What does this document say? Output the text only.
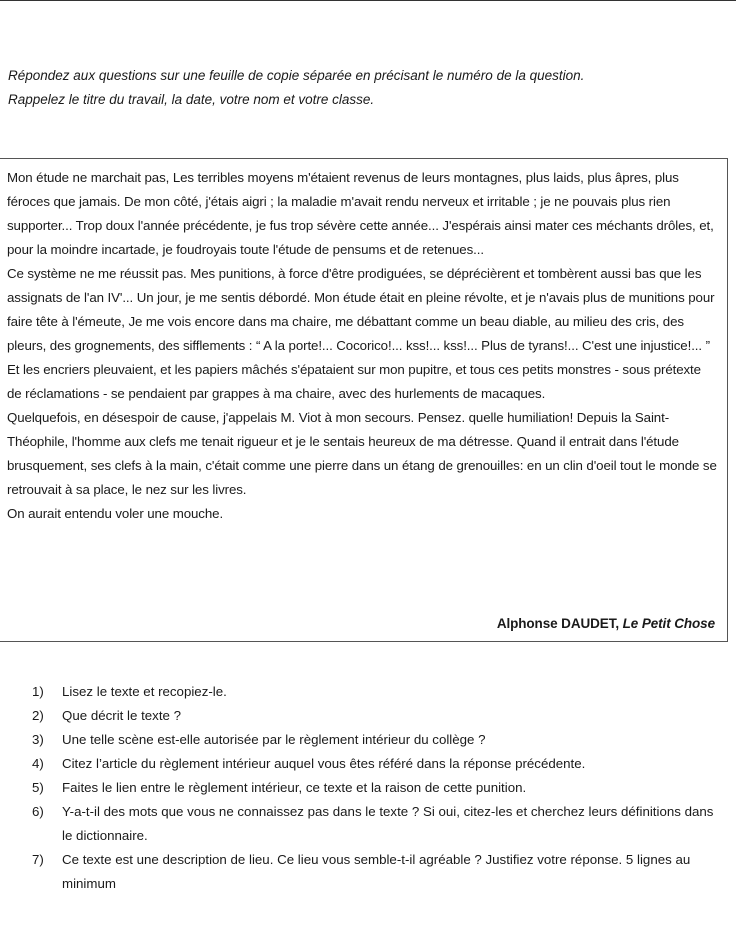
Répondez aux questions sur une feuille de copie séparée en précisant le numéro de la question.
Rappelez le titre du travail, la date, votre nom et votre classe.

Mon étude ne marchait pas, Les terribles moyens m'étaient revenus de leurs montagnes, plus laids, plus âpres, plus féroces que jamais. De mon côté, j'étais aigri ; la maladie m'avait rendu nerveux et irritable ; je ne pouvais plus rien supporter... Trop doux l'année précédente, je fus trop sévère cette année... J'espérais ainsi mater ces méchants drôles, et, pour la moindre incartade, je foudroyais toute l'étude de pensums et de retenues...

Ce système ne me réussit pas. Mes punitions, à force d'être prodiguées, se déprécièrent et tombèrent aussi bas que les assignats de l'an IV'... Un jour, je me sentis débordé. Mon étude était en pleine révolte, et je n'avais plus de munitions pour faire tête à l'émeute, Je me vois encore dans ma chaire, me débattant comme un beau diable, au milieu des cris, des pleurs, des grognements, des sifflements : “ A la porte!... Cocorico!... kss!... kss!... Plus de tyrans!... C'est une injustice!... ” Et les encriers pleuvaient, et les papiers mâchés s'épataient sur mon pupitre, et tous ces petits monstres - sous prétexte de réclamations - se pendaient par grappes à ma chaire, avec des hurlements de macaques.

Quelquefois, en désespoir de cause, j'appelais M. Viot à mon secours. Pensez. quelle humiliation! Depuis la Saint-Théophile, l'homme aux clefs me tenait rigueur et je le sentais heureux de ma détresse. Quand il entrait dans l'étude brusquement, ses clefs à la main, c'était comme une pierre dans un étang de grenouilles: en un clin d'oeil tout le monde se retrouvait à sa place, le nez sur les livres.

On aurait entendu voler une mouche.

Alphonse DAUDET, Le Petit Chose
1) Lisez le texte et recopiez-le.
2) Que décrit le texte ?
3) Une telle scène est-elle autorisée par le règlement intérieur du collège ?
4) Citez l’article du règlement intérieur auquel vous êtes référé dans la réponse précédente.
5) Faites le lien entre le règlement intérieur, ce texte et la raison de cette punition.
6) Y-a-t-il des mots que vous ne connaissez pas dans le texte ? Si oui, citez-les et cherchez leurs définitions dans le dictionnaire.
7) Ce texte est une description de lieu. Ce lieu vous semble-t-il agréable ? Justifiez votre réponse. 5 lignes au minimum
